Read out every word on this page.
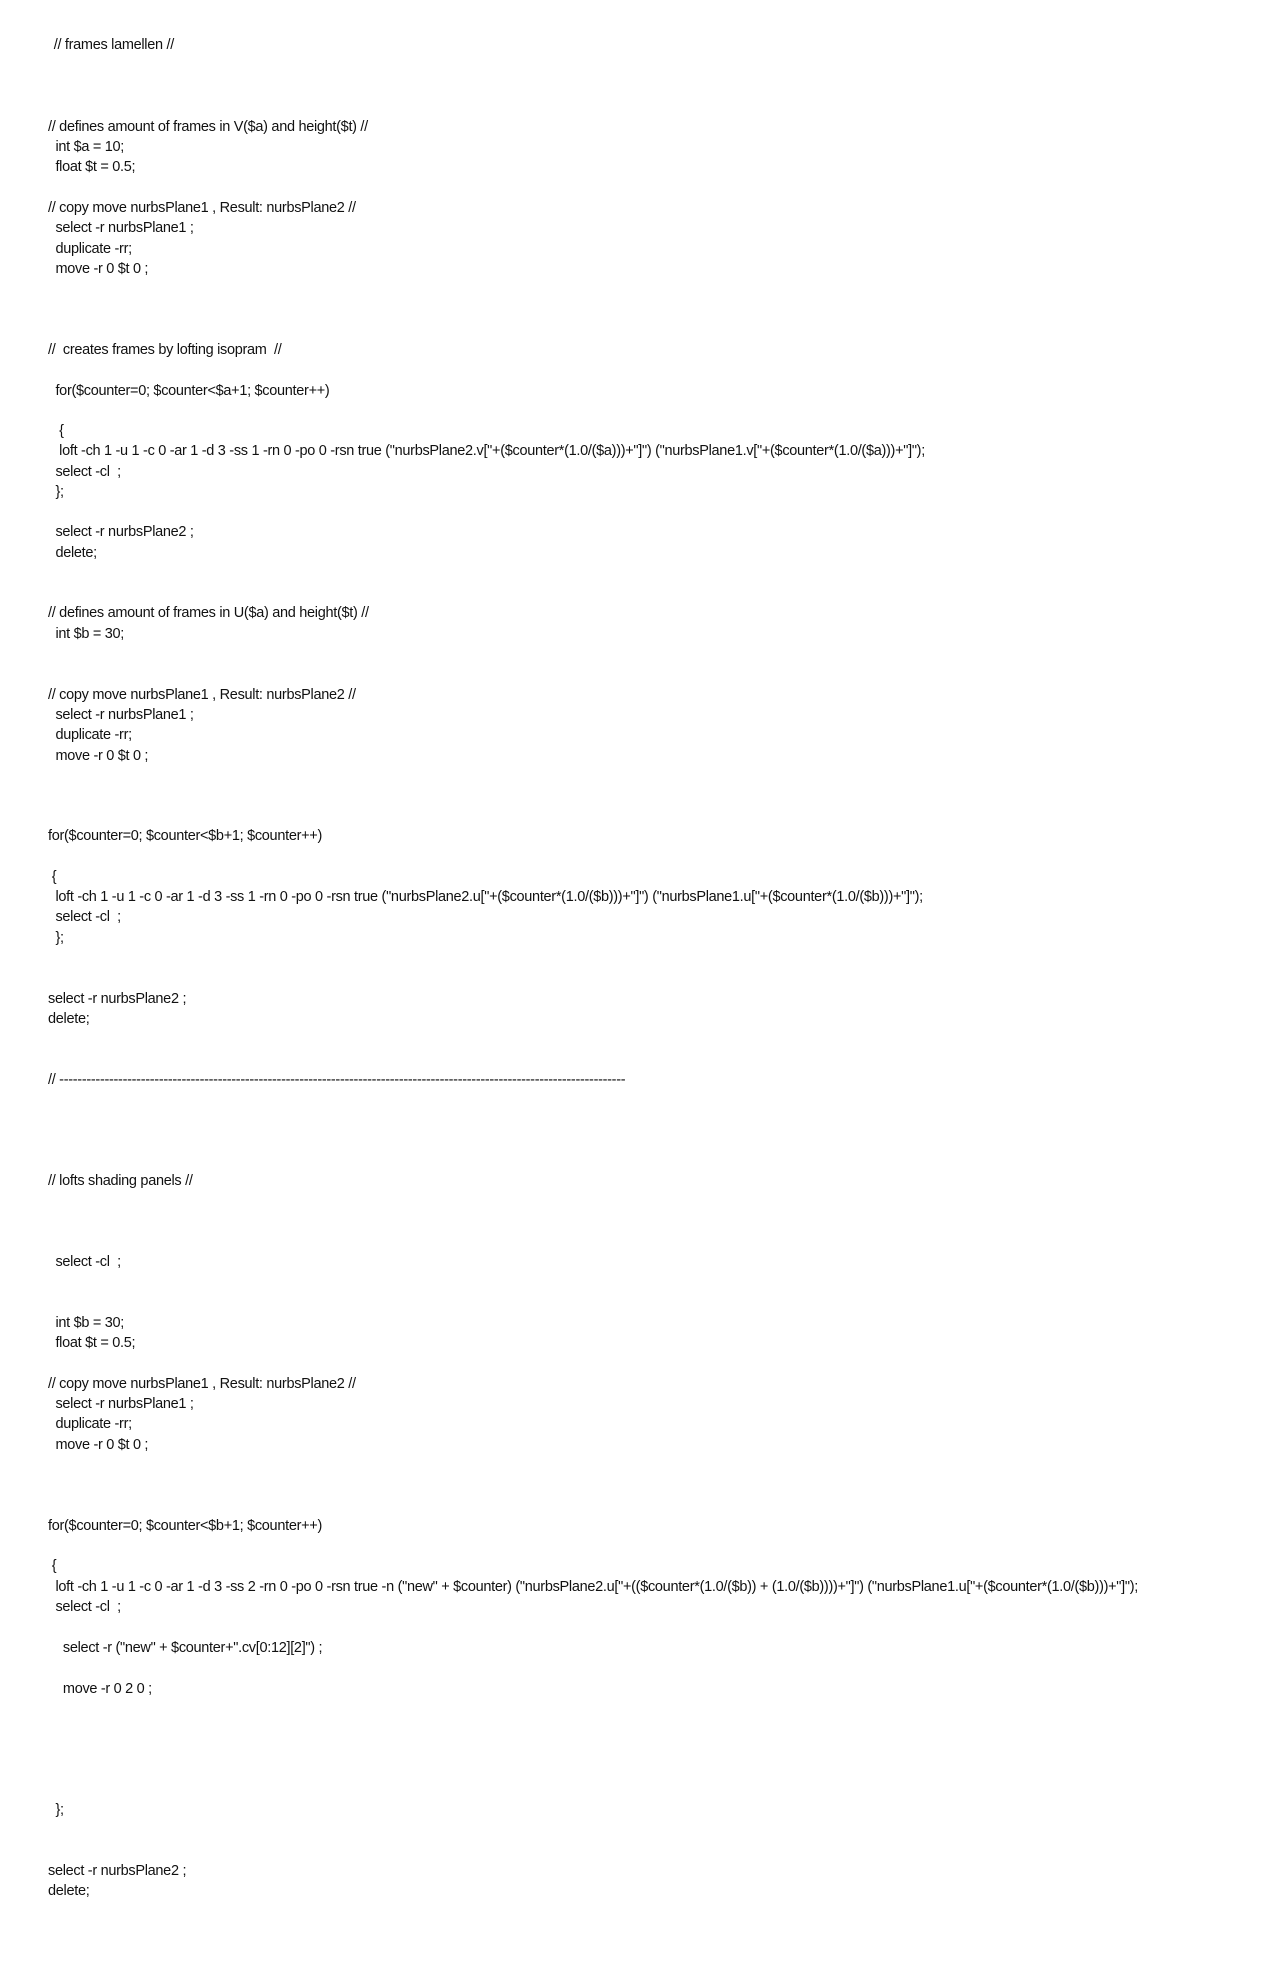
// frames lamellen //
// defines amount of frames in V($a) and height($t) //
int $a = 10;
float $t = 0.5;
// copy move nurbsPlane1 , Result: nurbsPlane2 //
select -r nurbsPlane1 ;
duplicate -rr;
move -r 0 $t 0 ;
//  creates frames by lofting isopram  //
for($counter=0; $counter<$a+1; $counter++)
{
loft -ch 1 -u 1 -c 0 -ar 1 -d 3 -ss 1 -rn 0 -po 0 -rsn true ("nurbsPlane2.v["+($counter*(1.0/($a)))+"]") ("nurbsPlane1.v["+($counter*(1.0/($a)))+"]");
select -cl  ;
};
select -r nurbsPlane2 ;
delete;
// defines amount of frames in U($a) and height($t) //
int $b = 30;
// copy move nurbsPlane1 , Result: nurbsPlane2 //
select -r nurbsPlane1 ;
duplicate -rr;
move -r 0 $t 0 ;
for($counter=0; $counter<$b+1; $counter++)
{
loft -ch 1 -u 1 -c 0 -ar 1 -d 3 -ss 1 -rn 0 -po 0 -rsn true ("nurbsPlane2.u["+($counter*(1.0/($b)))+"]") ("nurbsPlane1.u["+($counter*(1.0/($b)))+"]");
select -cl  ;
};
select -r nurbsPlane2 ;
delete;
// -----------------------------------------------------------------------------------------------------------------------------
// lofts shading panels //
select -cl  ;
int $b = 30;
float $t = 0.5;
// copy move nurbsPlane1 , Result: nurbsPlane2 //
select -r nurbsPlane1 ;
duplicate -rr;
move -r 0 $t 0 ;
for($counter=0; $counter<$b+1; $counter++)
{
loft -ch 1 -u 1 -c 0 -ar 1 -d 3 -ss 2 -rn 0 -po 0 -rsn true -n ("new" + $counter) ("nurbsPlane2.u["+(($counter*(1.0/($b)) + (1.0/($b))))+"]") ("nurbsPlane1.u["+($counter*(1.0/($b)))+"]");
select -cl  ;
select -r ("new" + $counter+".cv[0:12][2]") ;
move -r 0 2 0 ;
};
select -r nurbsPlane2 ;
delete;
